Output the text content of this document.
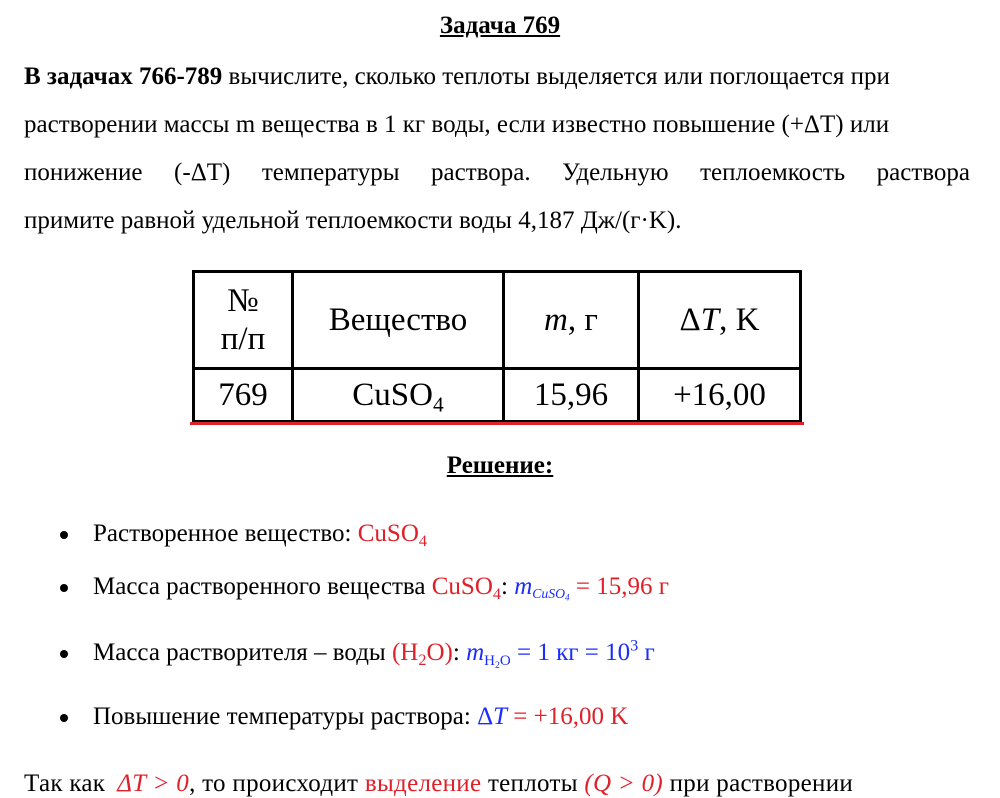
Задача 769
В задачах 766-789 вычислите, сколько теплоты выделяется или поглощается при
растворении массы m вещества в 1 кг воды, если известно повышение (+ΔT) или
понижение (-ΔT) температуры раствора. Удельную теплоемкость раствора
примите равной удельной теплоемкости воды 4,187 Дж/(г·K).
№
п/п	Вещество	m, г	ΔT, K
769	CuSO$_4$	15,96	+16,00
Решение:
Растворенное вещество: CuSO$_4$
Масса растворенного вещества CuSO$_4$: $m_{CuSO_4} = 15,96$ г
Масса растворителя – воды $(H_2O)$: $m_{H_2O} = 1$ кг = $10^3$ г
Повышение температуры раствора: ΔT = +16,00 K
Так как ΔT > 0, то происходит выделение теплоты (Q > 0) при растворении
